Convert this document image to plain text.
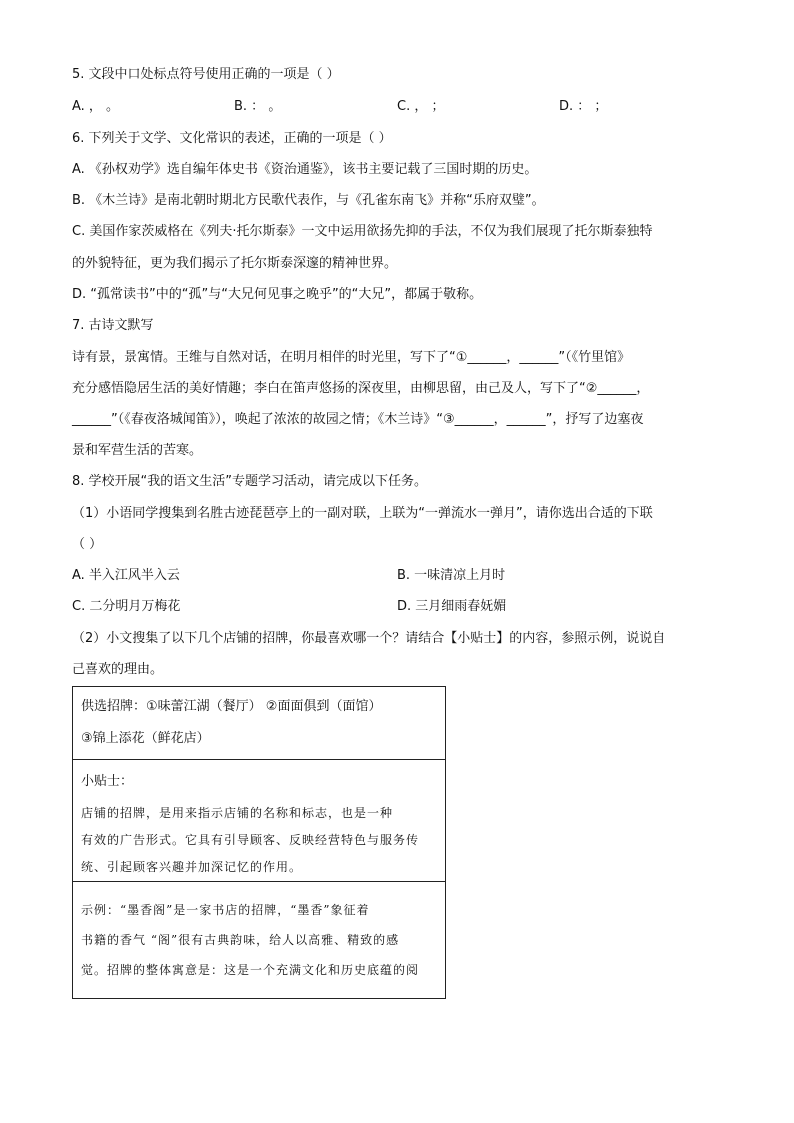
5. 文段中口处标点符号使用正确的一项是（ ）
A. ， 。	B. ： 。	C. ， ；	D. ： ；
6. 下列关于文学、文化常识的表述，正确的一项是（ ）
A. 《孙权劝学》选自编年体史书《资治通鉴》，该书主要记载了三国时期的历史。
B. 《木兰诗》是南北朝时期北方民歌代表作，与《孔雀东南飞》并称“乐府双璧”。
C. 美国作家茨威格在《列夫·托尔斯泰》一文中运用欲扬先抑的手法，不仅为我们展现了托尔斯泰独特
的外貌特征，更为我们揭示了托尔斯泰深邃的精神世界。
D. “孤常读书”中的“孤”与“大兄何见事之晚乎”的“大兄”，都属于敬称。
7. 古诗文默写
诗有景，景寓情。王维与自然对话，在明月相伴的时光里，写下了“①______，______”（《竹里馆》
充分感悟隐居生活的美好情趣；李白在笛声悠扬的深夜里，由柳思留，由己及人，写下了“②______，
______”（《春夜洛城闻笛》），唤起了浓浓的故园之情；《木兰诗》“③______，______”，抒写了边塞夜
景和军营生活的苦寒。
8. 学校开展“我的语文生活”专题学习活动，请完成以下任务。
（1）小语同学搜集到名胜古迹琵琶亭上的一副对联，上联为“一弹流水一弹月”，请你选出合适的下联
（ ）
A. 半入江风半入云	B. 一味清凉上月时
C. 二分明月万梅花	D. 三月细雨春妩媚
（2）小文搜集了以下几个店铺的招牌，你最喜欢哪一个？请结合【小贴士】的内容，参照示例，说说自
己喜欢的理由。
供选招牌：①味蕾江湖（餐厅） ②面面俱到（面馆）
③锦上添花（鲜花店）
小贴士：
店铺的招牌，是用来指示店铺的名称和标志，也是一种
有效的广告形式。它具有引导顾客、反映经营特色与服务传
统、引起顾客兴趣并加深记忆的作用。
示例：“墨香阁”是一家书店的招牌，“墨香”象征着
书籍的香气 “阁”很有古典韵味，给人以高雅、精致的感
觉。招牌的整体寓意是：这是一个充满文化和历史底蕴的阅
